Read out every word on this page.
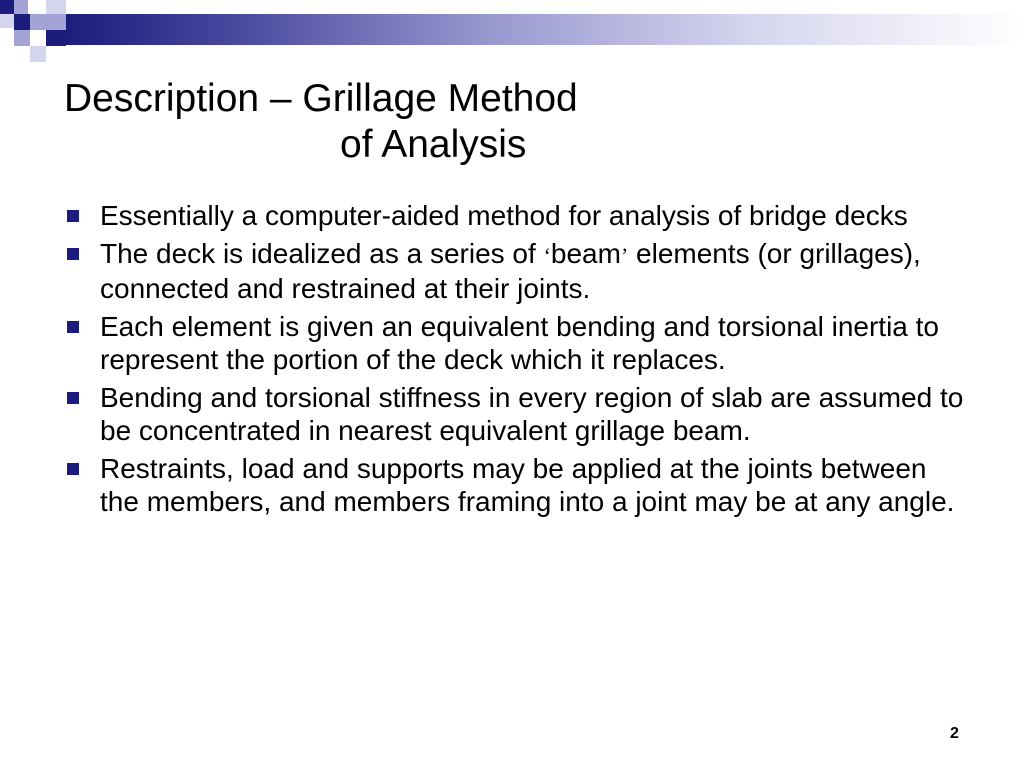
Description – Grillage Method
of Analysis
Essentially a computer-aided method for analysis of bridge decks
The deck is idealized as a series of ‘beam’ elements (or grillages), connected and restrained at their joints.
Each element is given an equivalent bending and torsional inertia to represent the portion of the deck which it replaces.
Bending and torsional stiffness in every region of slab are assumed to be concentrated in nearest equivalent grillage beam.
Restraints, load and supports may be applied at the joints between the members, and members framing into a joint may be at any angle.
2
